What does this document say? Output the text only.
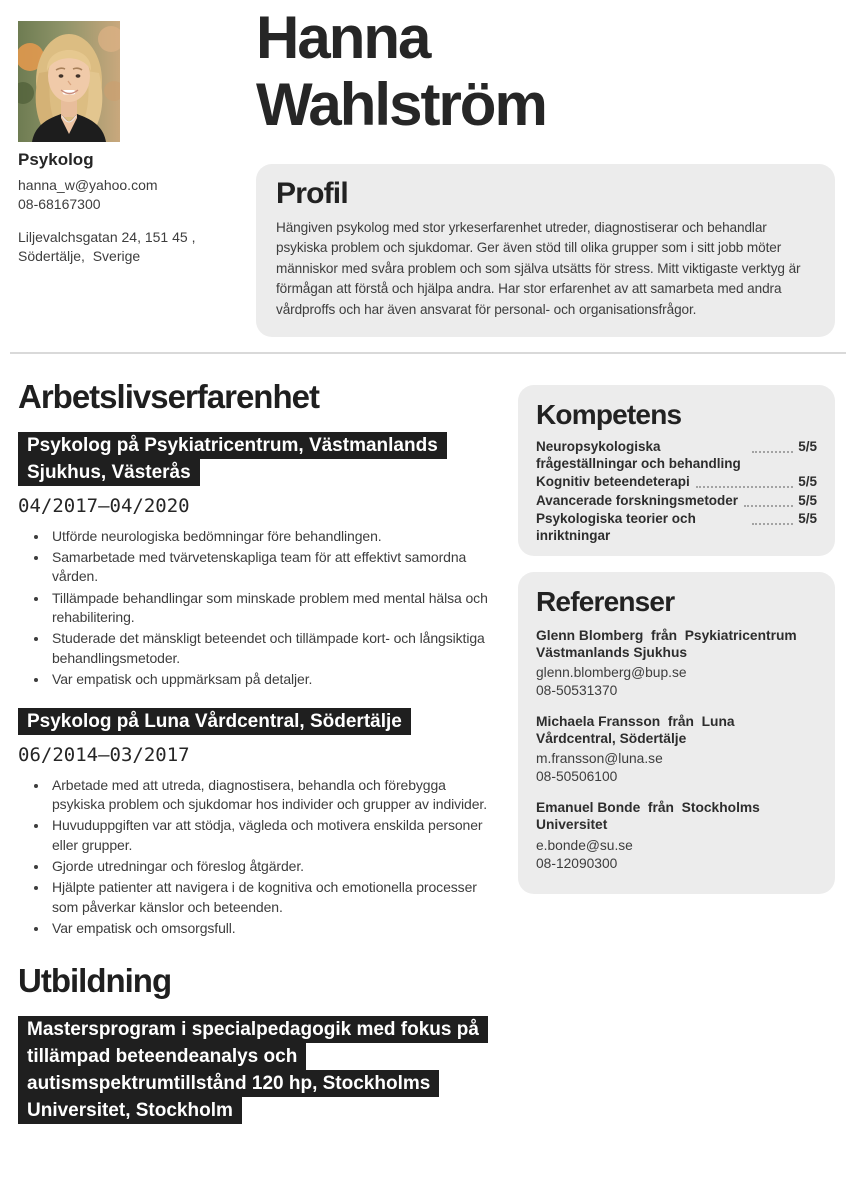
Psykolog
hanna_w@yahoo.com
08-68167300
Liljevalchsgatan 24, 151 45 ,
Södertälje,  Sverige
Hanna Wahlström
Profil

Hängiven psykolog med stor yrkeserfarenhet utreder, diagnostiserar och behandlar psykiska problem och sjukdomar. Ger även stöd till olika grupper som i sitt jobb möter människor med svåra problem och som själva utsätts för stress. Mitt viktigaste verktyg är förmågan att förstå och hjälpa andra. Har stor erfarenhet av att samarbeta med andra vårdproffs och har även ansvarat för personal- och organisationsfrågor.

Arbetslivserfarenhet
Psykolog på Psykiatricentrum, Västmanlands Sjukhus, Västerås
04/2017—04/2020
• Utförde neurologiska bedömningar före behandlingen.
• Samarbetade med tvärvetenskapliga team för att effektivt samordna vården.
• Tillämpade behandlingar som minskade problem med mental hälsa och rehabilitering.
• Studerade det mänskligt beteendet och tillämpade kort- och långsiktiga behandlingsmetoder.
• Var empatisk och uppmärksam på detaljer.
Psykolog på Luna Vårdcentral, Södertälje
06/2014—03/2017
• Arbetade med att utreda, diagnostisera, behandla och förebygga psykiska problem och sjukdomar hos individer och grupper av individer.
• Huvuduppgiften var att stödja, vägleda och motivera enskilda personer eller grupper.
• Gjorde utredningar och föreslog åtgärder.
• Hjälpte patienter att navigera i de kognitiva och emotionella processer som påverkar känslor och beteenden.
• Var empatisk och omsorgsfull.
Utbildning
Mastersprogram i specialpedagogik med fokus på tillämpad beteendeanalys och autismspektrumtillstånd 120 hp, Stockholms Universitet, Stockholm
Kompetens
Neuropsykologiska frågeställningar och behandling
5/5
Kognitiv beteendeterapi	5/5
Avancerade forskningsmetoder	5/5
Psykologiska teorier och inriktningar
5/5
Referenser
Glenn Blomberg  från  Psykiatricentrum Västmanlands Sjukhus
glenn.blomberg@bup.se
08-50531370
Michaela Fransson  från  Luna Vårdcentral, Södertälje
m.fransson@luna.se
08-50506100
Emanuel Bonde  från  Stockholms Universitet
e.bonde@su.se
08-12090300
